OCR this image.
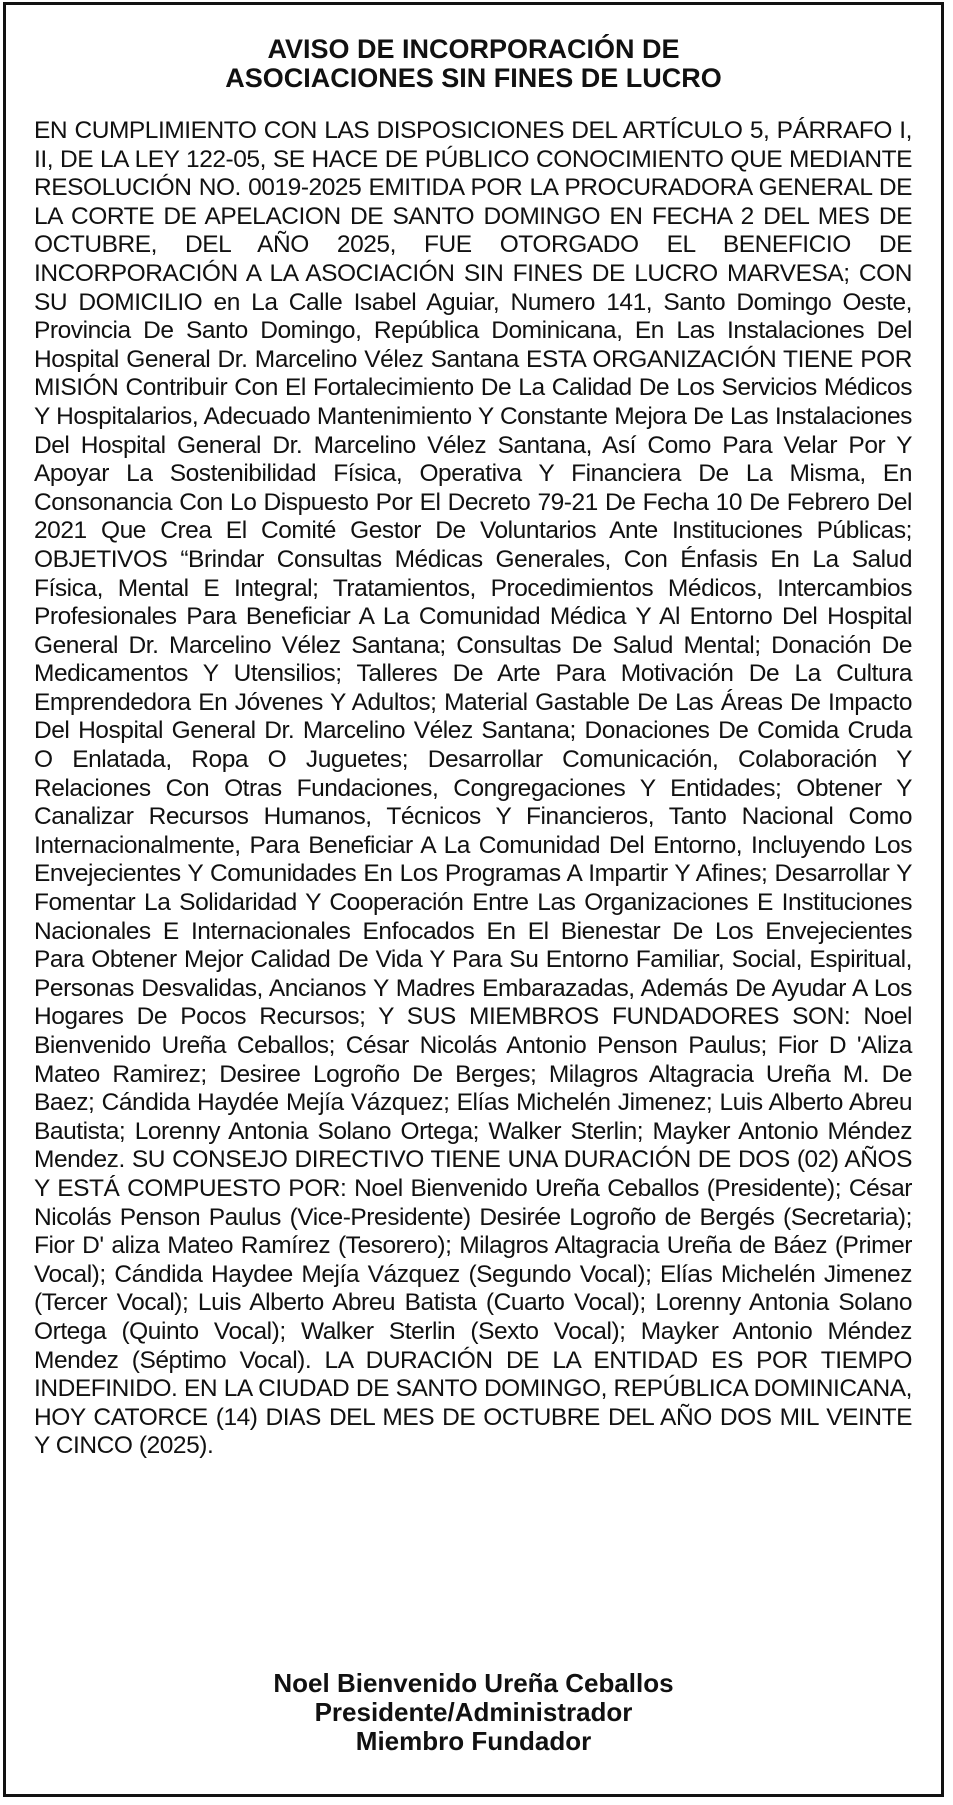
AVISO DE INCORPORACIÓN DE
ASOCIACIONES SIN FINES DE LUCRO
EN CUMPLIMIENTO CON LAS DISPOSICIONES DEL ARTÍCULO 5, PÁRRAFO I, II, DE LA LEY 122-05, SE HACE DE PÚBLICO CONOCIMIENTO QUE MEDIANTE RESOLUCIÓN NO. 0019-2025 EMITIDA POR LA PROCURADORA GENERAL DE LA CORTE DE APELACION DE SANTO DOMINGO EN FECHA 2 DEL MES DE OCTUBRE, DEL AÑO 2025, FUE OTORGADO EL BENEFICIO DE INCORPORACIÓN A LA ASOCIACIÓN SIN FINES DE LUCRO MARVESA; CON SU DOMICILIO en La Calle Isabel Aguiar, Numero 141, Santo Domingo Oeste, Provincia De Santo Domingo, República Dominicana, En Las Instalaciones Del Hospital General Dr. Marcelino Vélez Santana ESTA ORGANIZACIÓN TIENE POR MISIÓN Contribuir Con El Fortalecimiento De La Calidad De Los Servicios Médicos Y Hospitalarios, Adecuado Mantenimiento Y Constante Mejora De Las Instalaciones Del Hospital General Dr. Marcelino Vélez Santana, Así Como Para Velar Por Y Apoyar La Sostenibilidad Física, Operativa Y Financiera De La Misma, En Consonancia Con Lo Dispuesto Por El Decreto 79-21 De Fecha 10 De Febrero Del 2021 Que Crea El Comité Gestor De Voluntarios Ante Instituciones Públicas; OBJETIVOS “Brindar Consultas Médicas Generales, Con Énfasis En La Salud Física, Mental E Integral; Tratamientos, Procedimientos Médicos, Intercambios Profesionales Para Beneficiar A La Comunidad Médica Y Al Entorno Del Hospital General Dr. Marcelino Vélez Santana; Consultas De Salud Mental; Donación De Medicamentos Y Utensilios; Talleres De Arte Para Motivación De La Cultura Emprendedora En Jóvenes Y Adultos; Material Gastable De Las Áreas De Impacto Del Hospital General Dr. Marcelino Vélez Santana; Donaciones De Comida Cruda O Enlatada, Ropa O Juguetes; Desarrollar Comunicación, Colaboración Y Relaciones Con Otras Fundaciones, Congregaciones Y Entidades; Obtener Y Canalizar Recursos Humanos, Técnicos Y Financieros, Tanto Nacional Como Internacionalmente, Para Beneficiar A La Comunidad Del Entorno, Incluyendo Los Envejecientes Y Comunidades En Los Programas A Impartir Y Afines; Desarrollar Y Fomentar La Solidaridad Y Cooperación Entre Las Organizaciones E Instituciones Nacionales E Internacionales Enfocados En El Bienestar De Los Envejecientes Para Obtener Mejor Calidad De Vida Y Para Su Entorno Familiar, Social, Espiritual, Personas Desvalidas, Ancianos Y Madres Embarazadas, Además De Ayudar A Los Hogares De Pocos Recursos; Y SUS MIEMBROS FUNDADORES SON: Noel Bienvenido Ureña Ceballos; César Nicolás Antonio Penson Paulus; Fior D 'Aliza Mateo Ramirez; Desiree Logroño De Berges; Milagros Altagracia Ureña M. De Baez; Cándida Haydée Mejía Vázquez; Elías Michelén Jimenez; Luis Alberto Abreu Bautista; Lorenny Antonia Solano Ortega; Walker Sterlin; Mayker Antonio Méndez Mendez. SU CONSEJO DIRECTIVO TIENE UNA DURACIÓN DE DOS (02) AÑOS Y ESTÁ COMPUESTO POR: Noel Bienvenido Ureña Ceballos (Presidente); César Nicolás Penson Paulus (Vice-Presidente) Desirée Logroño de Bergés (Secretaria); Fior D' aliza Mateo Ramírez (Tesorero); Milagros Altagracia Ureña de Báez (Primer Vocal); Cándida Haydee Mejía Vázquez (Segundo Vocal); Elías Michelén Jimenez (Tercer Vocal); Luis Alberto Abreu Batista (Cuarto Vocal); Lorenny Antonia Solano Ortega (Quinto Vocal); Walker Sterlin (Sexto Vocal); Mayker Antonio Méndez Mendez (Séptimo Vocal). LA DURACIÓN DE LA ENTIDAD ES POR TIEMPO INDEFINIDO. EN LA CIUDAD DE SANTO DOMINGO, REPÚBLICA DOMINICANA, HOY CATORCE (14) DIAS DEL MES DE OCTUBRE DEL AÑO DOS MIL VEINTE Y CINCO (2025).
Noel Bienvenido Ureña Ceballos
Presidente/Administrador
Miembro Fundador
